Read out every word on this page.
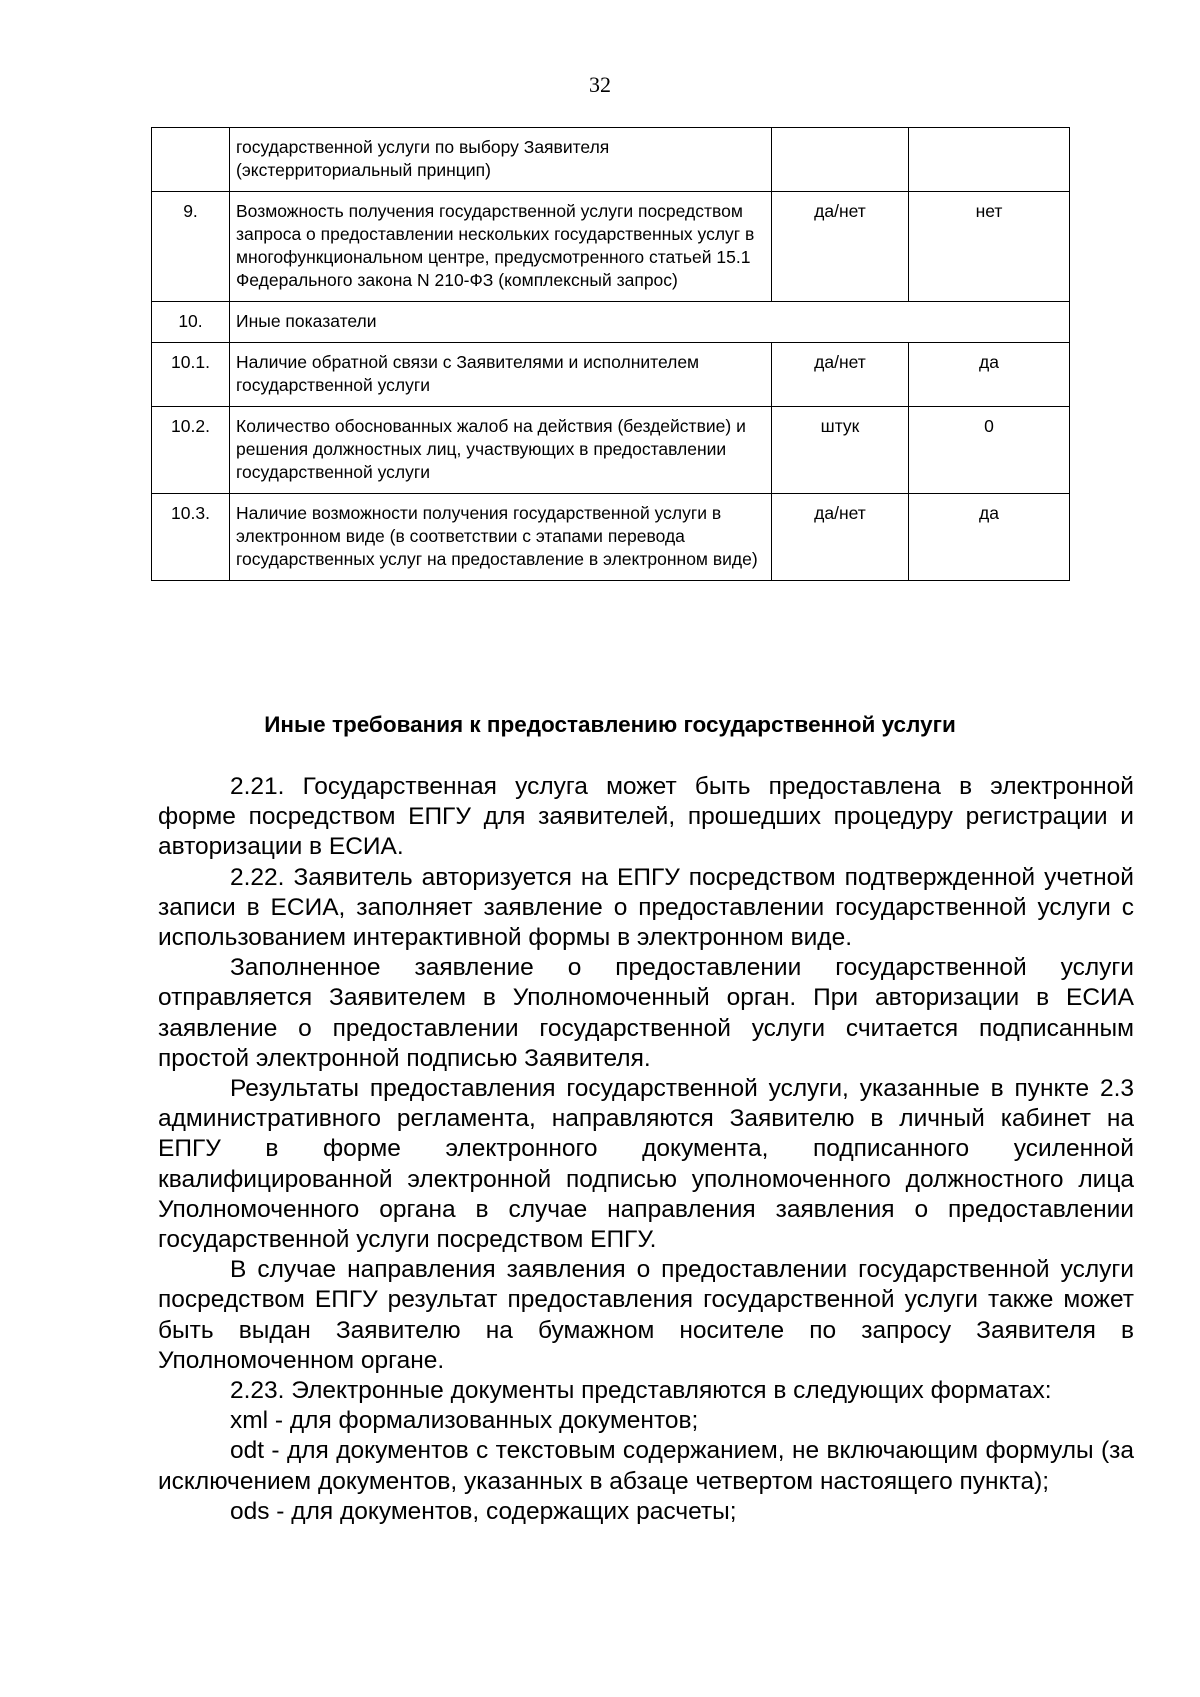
32
	государственной услуги по выбору Заявителя (экстерриториальный принцип)		
9.	Возможность получения государственной услуги посредством запроса о предоставлении нескольких государственных услуг в многофункциональном центре, предусмотренного статьей 15.1 Федерального закона N 210-ФЗ (комплексный запрос)	да/нет	нет
10.	Иные показатели		
10.1.	Наличие обратной связи с Заявителями и исполнителем государственной услуги	да/нет	да
10.2.	Количество обоснованных жалоб на действия (бездействие) и решения должностных лиц, участвующих в предоставлении государственной услуги	штук	0
10.3.	Наличие возможности получения государственной услуги в электронном виде (в соответствии с этапами перевода государственных услуг на предоставление в электронном виде)	да/нет	да
Иные требования к предоставлению государственной услуги

2.21. Государственная услуга может быть предоставлена в электронной форме посредством ЕПГУ для заявителей, прошедших процедуру регистрации и авторизации в ЕСИА.

2.22. Заявитель авторизуется на ЕПГУ посредством подтвержденной учетной записи в ЕСИА, заполняет заявление о предоставлении государственной услуги с использованием интерактивной формы в электронном виде.

Заполненное заявление о предоставлении государственной услуги отправляется Заявителем в Уполномоченный орган. При авторизации в ЕСИА заявление о предоставлении государственной услуги считается подписанным простой электронной подписью Заявителя.

Результаты предоставления государственной услуги, указанные в пункте 2.3 административного регламента, направляются Заявителю в личный кабинет на ЕПГУ в форме электронного документа, подписанного усиленной квалифицированной электронной подписью уполномоченного должностного лица Уполномоченного органа в случае направления заявления о предоставлении государственной услуги посредством ЕПГУ.

В случае направления заявления о предоставлении государственной услуги посредством ЕПГУ результат предоставления государственной услуги также может быть выдан Заявителю на бумажном носителе по запросу Заявителя в Уполномоченном органе.

2.23. Электронные документы представляются в следующих форматах:

xml - для формализованных документов;

odt - для документов с текстовым содержанием, не включающим формулы (за исключением документов, указанных в абзаце четвертом настоящего пункта);

ods - для документов, содержащих расчеты;
